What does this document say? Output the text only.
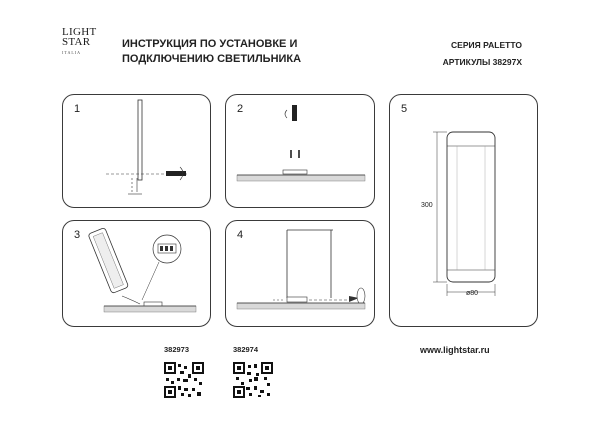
LIGHT
STAR
ITALIA
ИНСТРУКЦИЯ ПО УСТАНОВКЕ И
ПОДКЛЮЧЕНИЮ СВЕТИЛЬНИКА
СЕРИЯ PALETTO
АРТИКУЛЫ 38297X
1	2
3	4
5
300
ø80
382973	382974	www.lightstar.ru
